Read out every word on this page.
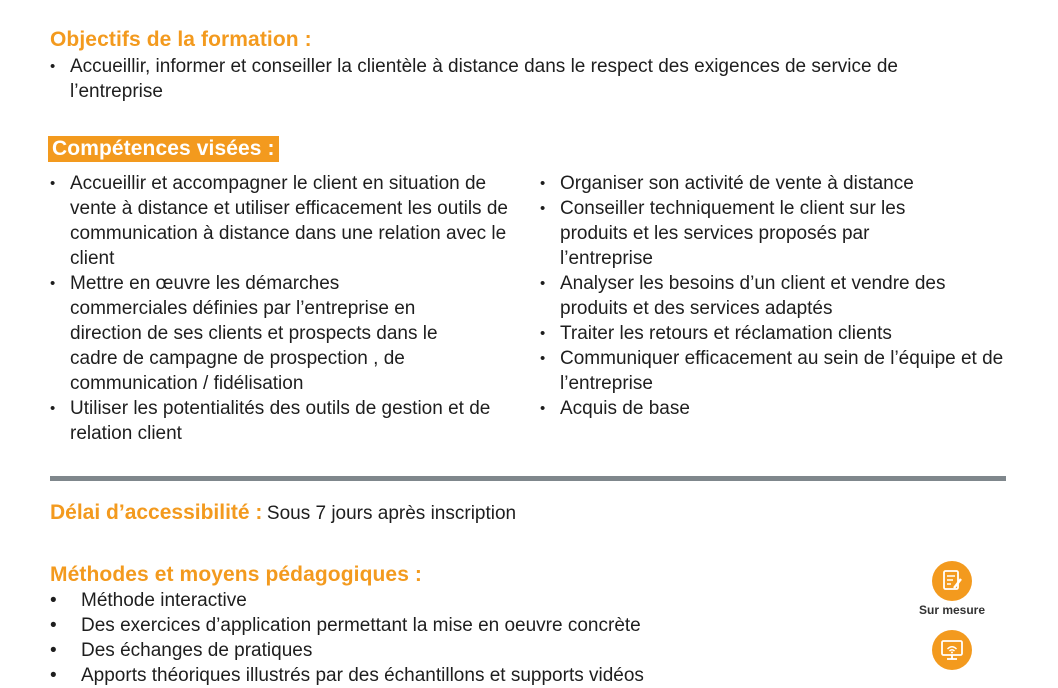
Objectifs de la formation :
• Accueillir, informer et conseiller la clientèle à distance dans le respect des exigences de service de l’entreprise
Compétences visées :
• Accueillir et accompagner le client en situation de vente à distance et utiliser efficacement les outils de communication à distance dans une relation avec le client
• Mettre en œuvre les démarches commerciales définies par l’entreprise en direction de ses clients et prospects dans le cadre de campagne de prospection , de communication / fidélisation
• Utiliser les potentialités des outils de gestion et de relation client
• Organiser son activité de vente à distance
• Conseiller techniquement le client sur les produits et les services proposés par l’entreprise
• Analyser les besoins d’un client et vendre des produits et des services adaptés
• Traiter les retours et réclamation clients
• Communiquer efficacement au sein de l’équipe et de l’entreprise
• Acquis de base
Délai d’accessibilité : Sous 7 jours après inscription
Méthodes et moyens pédagogiques :
• Méthode interactive
• Des exercices d’application permettant la mise en oeuvre concrète
• Des échanges de pratiques
• Apports théoriques illustrés par des échantillons et supports vidéos
Sur mesure
